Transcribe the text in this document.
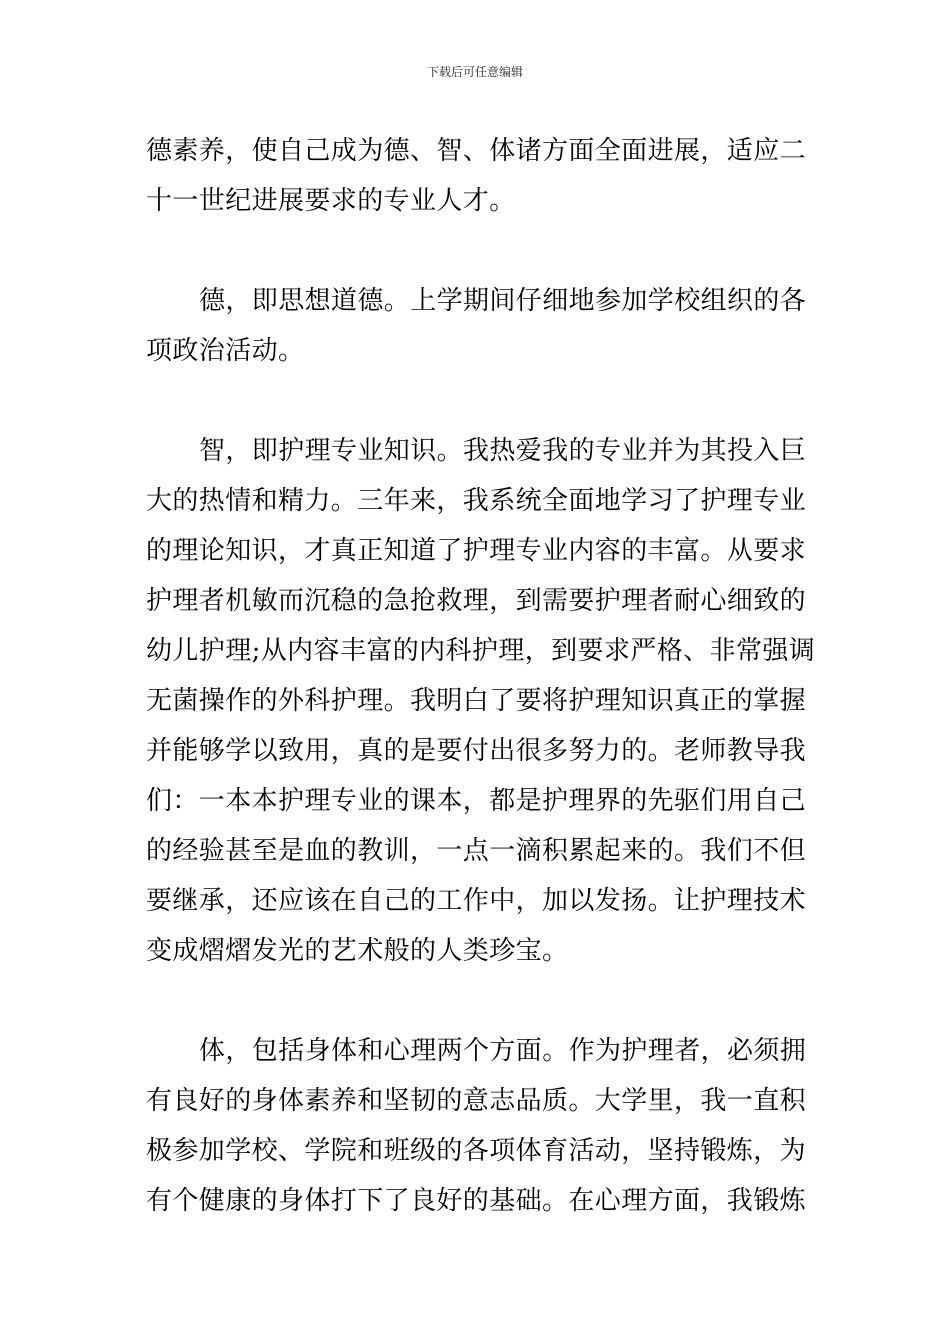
下载后可任意编辑
德素养，使自己成为德、智、体诸方面全面进展，适应二
十一世纪进展要求的专业人才。
德，即思想道德。上学期间仔细地参加学校组织的各
项政治活动。
智，即护理专业知识。我热爱我的专业并为其投入巨
大的热情和精力。三年来，我系统全面地学习了护理专业
的理论知识，才真正知道了护理专业内容的丰富。从要求
护理者机敏而沉稳的急抢救理，到需要护理者耐心细致的
幼儿护理;从内容丰富的内科护理，到要求严格、非常强调
无菌操作的外科护理。我明白了要将护理知识真正的掌握
并能够学以致用，真的是要付出很多努力的。老师教导我
们：一本本护理专业的课本，都是护理界的先驱们用自己
的经验甚至是血的教训，一点一滴积累起来的。我们不但
要继承，还应该在自己的工作中，加以发扬。让护理技术
变成熠熠发光的艺术般的人类珍宝。
体，包括身体和心理两个方面。作为护理者，必须拥
有良好的身体素养和坚韧的意志品质。大学里，我一直积
极参加学校、学院和班级的各项体育活动，坚持锻炼，为
有个健康的身体打下了良好的基础。在心理方面，我锻炼
